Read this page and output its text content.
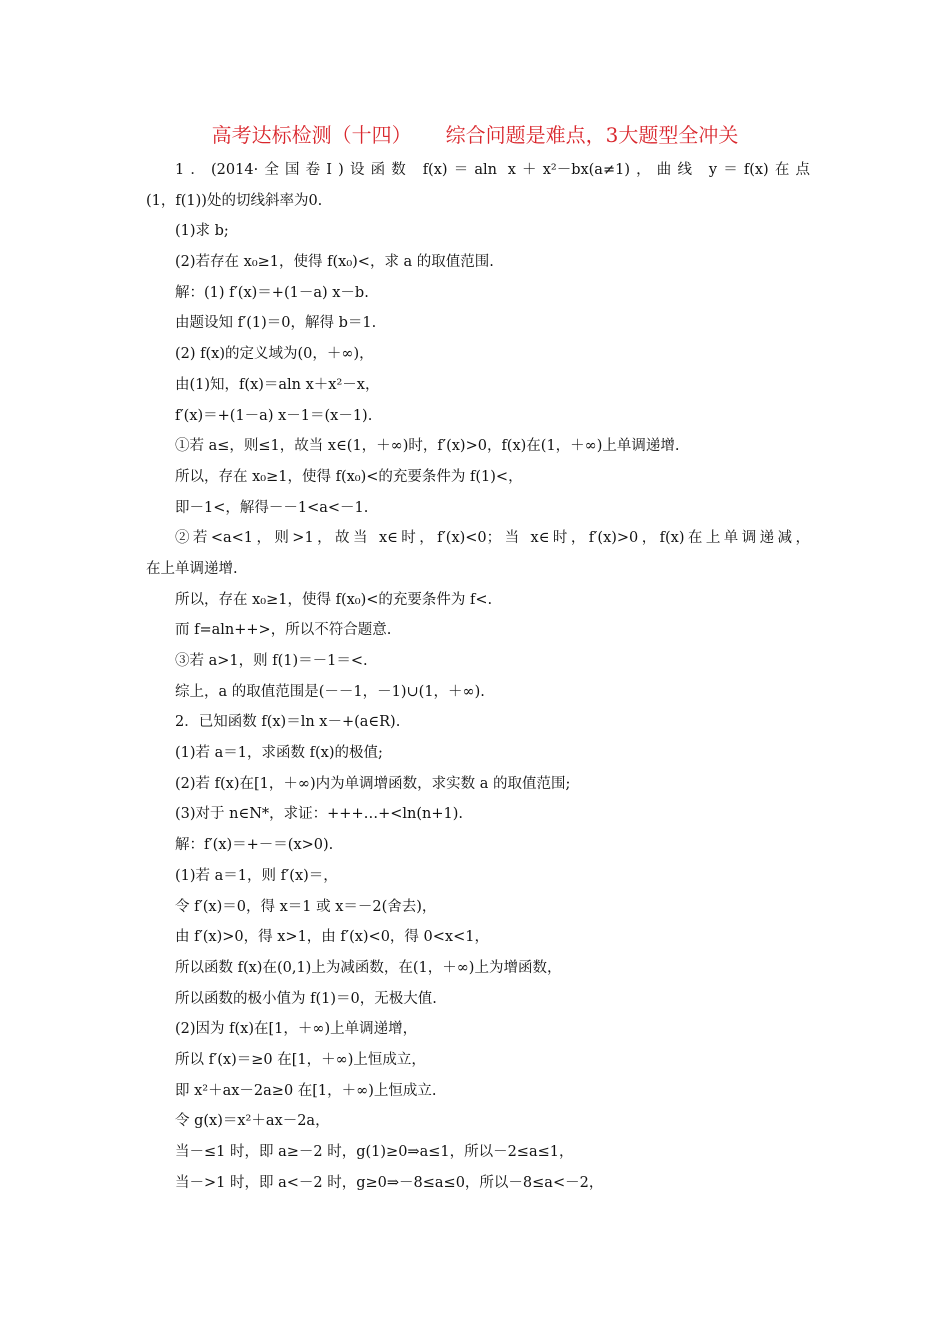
高考达标检测（十四） 综合问题是难点，3大题型全冲关
1．(2014·全国卷Ⅰ)设函数 f(x)＝aln x＋x²－bx(a≠1)，曲线 y＝f(x)在点
(1，f(1))处的切线斜率为0.
(1)求 b;
(2)若存在 x₀≥1，使得 f(x₀)<，求 a 的取值范围.
解：(1) f′(x)＝+(1－a) x－b.
由题设知 f′(1)＝0，解得 b＝1.
(2) f(x)的定义域为(0，＋∞)，
由(1)知，f(x)＝aln x＋x²－x，
f′(x)＝+(1－a) x－1＝(x－1).
①若 a≤，则≤1，故当 x∈(1，＋∞)时，f′(x)>0，f(x)在(1，＋∞)上单调递增.
所以，存在 x₀≥1，使得 f(x₀)<的充要条件为 f(1)<，
即－1<，解得－－1<a<－1.
②若<a<1，则>1，故当 x∈时，f′(x)<0；当 x∈时，f′(x)>0，f(x)在上单调递减，
在上单调递增.
所以，存在 x₀≥1，使得 f(x₀)<的充要条件为 f<.
而 f=aln++>，所以不符合题意.
③若 a>1，则 f(1)＝－1＝<.
综上，a 的取值范围是(－－1，－1)∪(1，＋∞).
2．已知函数 f(x)＝ln x－+(a∈R).
(1)若 a＝1，求函数 f(x)的极值;
(2)若 f(x)在[1，＋∞)内为单调增函数，求实数 a 的取值范围;
(3)对于 n∈N*，求证：+++…+<ln(n+1).
解：f′(x)＝+－＝(x>0).
(1)若 a＝1，则 f′(x)＝，
令 f′(x)＝0，得 x＝1 或 x＝－2(舍去)，
由 f′(x)>0，得 x>1，由 f′(x)<0，得 0<x<1，
所以函数 f(x)在(0,1)上为减函数，在(1，＋∞)上为增函数，
所以函数的极小值为 f(1)＝0，无极大值.
(2)因为 f(x)在[1，＋∞)上单调递增，
所以 f′(x)＝≥0 在[1，＋∞)上恒成立，
即 x²＋ax－2a≥0 在[1，＋∞)上恒成立.
令 g(x)＝x²＋ax－2a，
当－≤1 时，即 a≥－2 时，g(1)≥0⇒a≤1，所以－2≤a≤1，
当－>1 时，即 a<－2 时，g≥0⇒－8≤a≤0，所以－8≤a<－2，
